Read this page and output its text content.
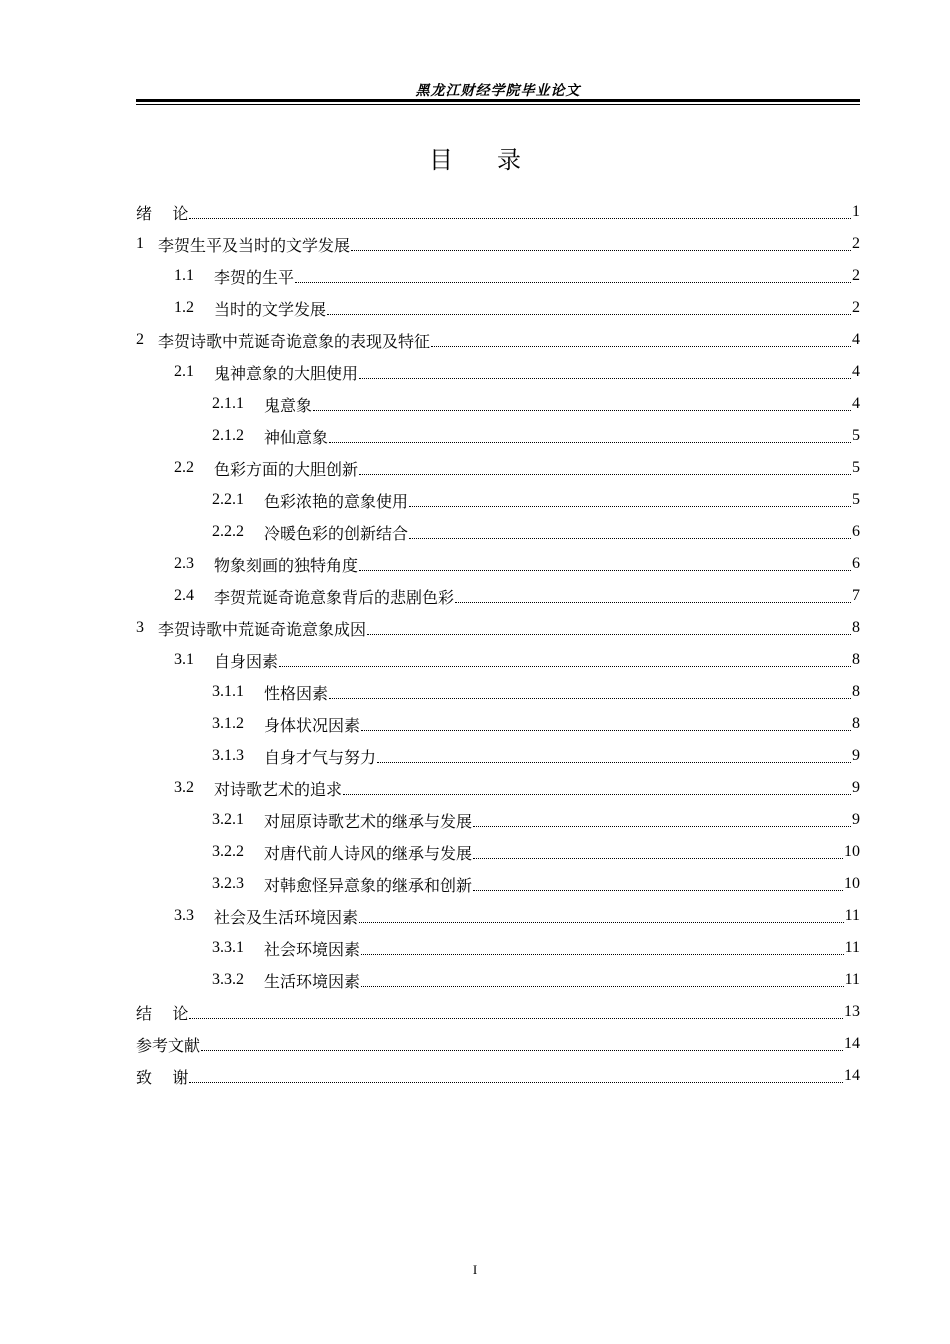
黑龙江财经学院毕业论文
目录
绪    论	1
1 李贺生平及当时的文学发展	2
1.1 李贺的生平	2
1.2 当时的文学发展	2
2 李贺诗歌中荒诞奇诡意象的表现及特征	4
2.1 鬼神意象的大胆使用	4
2.1.1 鬼意象	4
2.1.2 神仙意象	5
2.2 色彩方面的大胆创新	5
2.2.1 色彩浓艳的意象使用	5
2.2.2 冷暖色彩的创新结合	6
2.3 物象刻画的独特角度	6
2.4 李贺荒诞奇诡意象背后的悲剧色彩	7
3 李贺诗歌中荒诞奇诡意象成因	8
3.1 自身因素	8
3.1.1 性格因素	8
3.1.2 身体状况因素	8
3.1.3 自身才气与努力	9
3.2 对诗歌艺术的追求	9
3.2.1 对屈原诗歌艺术的继承与发展	9
3.2.2 对唐代前人诗风的继承与发展	10
3.2.3 对韩愈怪异意象的继承和创新	10
3.3 社会及生活环境因素	11
3.3.1 社会环境因素	11
3.3.2 生活环境因素	11
结    论	13
参考文献	14
致    谢	14
I
